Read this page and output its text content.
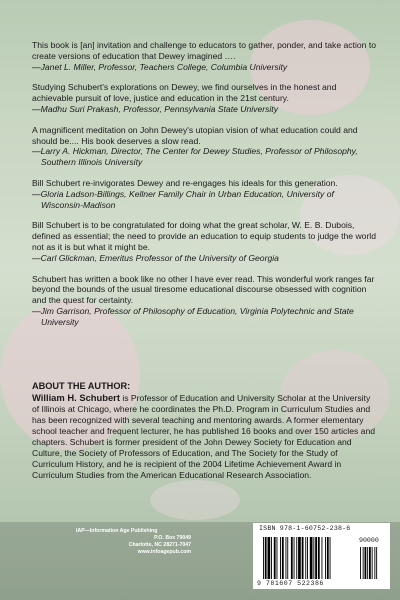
This book is [an] invitation and challenge to educators to gather, ponder, and take action to create versions of education that Dewey imagined ….
—Janet L. Miller, Professor, Teachers College, Columbia University
Studying Schubert's explorations on Dewey, we find ourselves in the honest and achievable pursuit of love, justice and education in the 21st century.
—Madhu Suri Prakash, Professor, Pennsylvania State University
A magnificent meditation on John Dewey's utopian vision of what education could and should be.... His book deserves a slow read.
—Larry A. Hickman, Director, The Center for Dewey Studies, Professor of Philosophy, Southern Illinois University
Bill Schubert re-invigorates Dewey and re-engages his ideals for this generation.
—Gloria Ladson-Billings, Kellner Family Chair in Urban Education, University of Wisconsin-Madison
Bill Schubert is to be congratulated for doing what the great scholar, W. E. B. Dubois, defined as essential; the need to provide an education to equip students to judge the world not as it is but what it might be.
—Carl Glickman, Emeritus Professor of the University of Georgia
Schubert has written a book like no other I have ever read. This wonderful work ranges far beyond the bounds of the usual tiresome educational discourse obsessed with cognition and the quest for certainty.
—Jim Garrison, Professor of Philosophy of Education, Virginia Polytechnic and State University
ABOUT THE AUTHOR:
William H. Schubert is Professor of Education and University Scholar at the University of Illinois at Chicago, where he coordinates the Ph.D. Program in Curriculum Studies and has been recognized with several teaching and mentoring awards. A former elementary school teacher and frequent lecturer, he has published 16 books and over 150 articles and chapters. Schubert is former president of the John Dewey Society for Education and Culture, the Society of Professors of Education, and The Society for the Study of Curriculum History, and he is recipient of the 2004 Lifetime Achievement Award in Curriculum Studies from the American Educational Research Association.
IAP—Information Age Publishing
P.O. Box 79049
Charlotte, NC 28271-7047
www.infoagepub.com
ISBN 978-1-60752-238-6
90000
9 781607 522386
